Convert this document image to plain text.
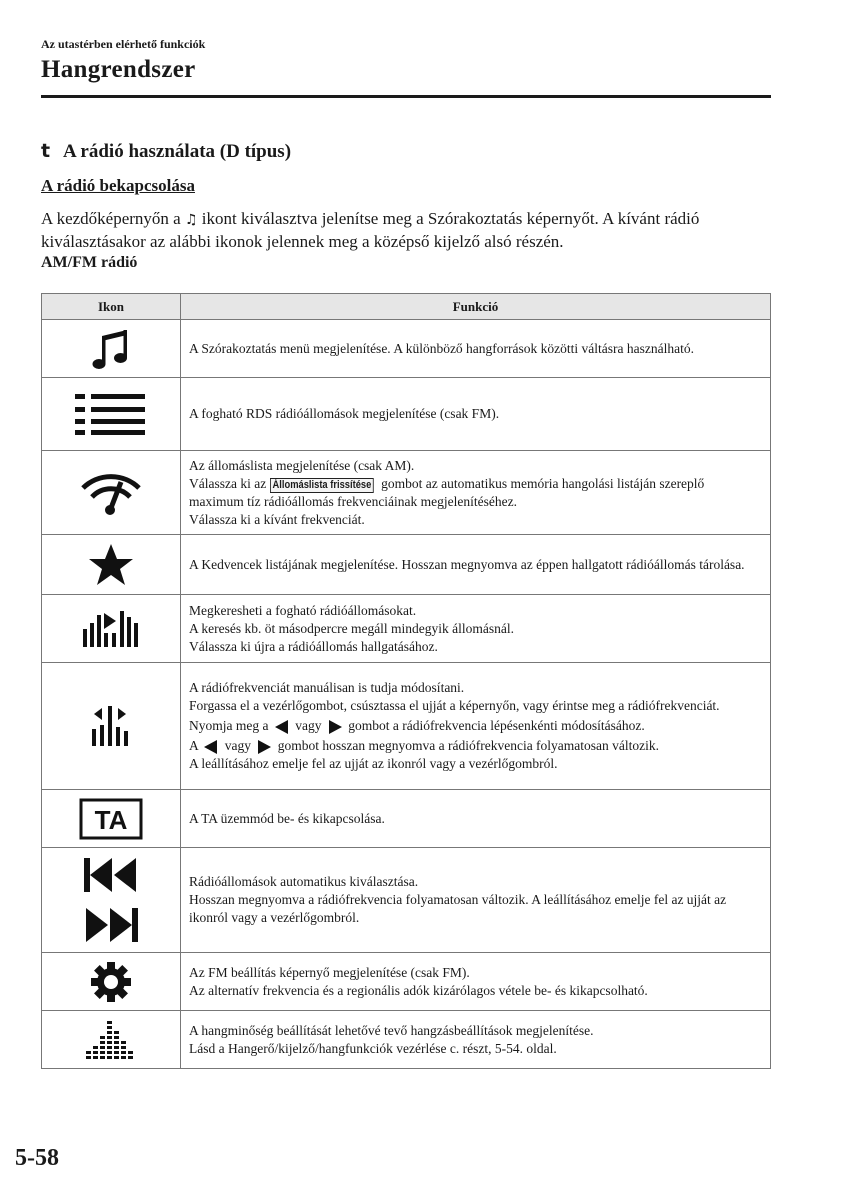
Az utastérben elérhető funkciók
Hangrendszer
t A rádió használata (D típus)
A rádió bekapcsolása
A kezdőképernyőn a ♫ ikont kiválasztva jelenítse meg a Szórakoztatás képernyőt. A kívánt rádió kiválasztásakor az alábbi ikonok jelennek meg a középső kijelző alsó részén.
AM/FM rádió
Ikon	Funkció

A Szórakoztatás menü megjelenítése. A különböző hangforrások közötti váltásra használható.

A fogható RDS rádióállomások megjelenítése (csak FM).

Az állomáslista megjelenítése (csak AM).
Válassza ki az Állomáslista frissítése gombot az automatikus memória hangolási listáján szereplő maximum tíz rádióállomás frekvenciáinak megjelenítéséhez.
Válassza ki a kívánt frekvenciát.

A Kedvencek listájának megjelenítése. Hosszan megnyomva az éppen hallgatott rádióállomás tárolása.

Megkeresheti a fogható rádióállomásokat.
A keresés kb. öt másodpercre megáll mindegyik állomásnál.
Válassza ki újra a rádióállomás hallgatásához.

A rádiófrekvenciát manuálisan is tudja módosítani.
Forgassa el a vezérlőgombot, csúsztassa el ujját a képernyőn, vagy érintse meg a rádiófrekvenciát.
Nyomja meg a  vagy  gombot a rádiófrekvencia lépésenkénti módosításához.
A  vagy  gombot hosszan megnyomva a rádiófrekvencia folyamatosan változik.
A leállításához emelje fel az ujját az ikonról vagy a vezérlőgombról.

TA	A TA üzemmód be- és kikapcsolása.

Rádióállomások automatikus kiválasztása.
Hosszan megnyomva a rádiófrekvencia folyamatosan változik. A leállításához emelje fel az ujját az ikonról vagy a vezérlőgombról.

Az FM beállítás képernyő megjelenítése (csak FM).
Az alternatív frekvencia és a regionális adók kizárólagos vétele be- és kikapcsolható.

A hangminőség beállítását lehetővé tevő hangzásbeállítások megjelenítése.
Lásd a Hangerő/kijelző/hangfunkciók vezérlése c. részt, 5-54. oldal.
5-58
